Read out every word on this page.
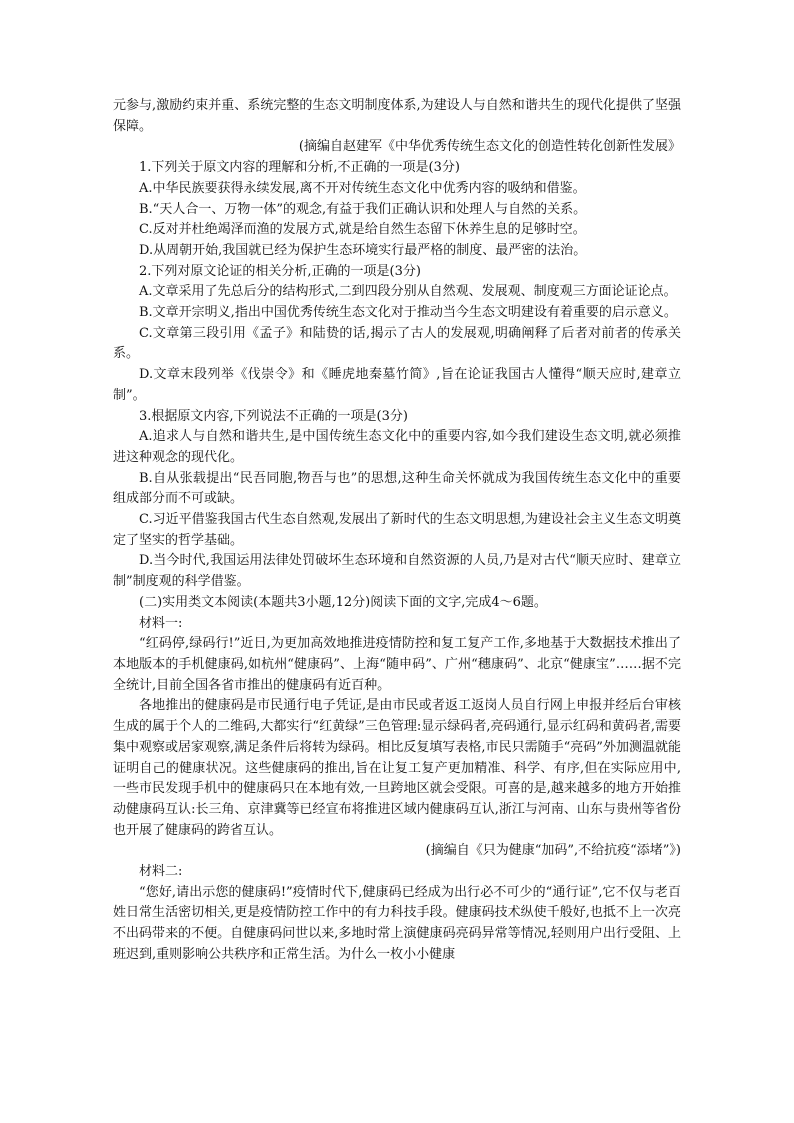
元参与,激励约束并重、系统完整的生态文明制度体系,为建设人与自然和谐共生的现代化提供了坚强保障。

(摘编自赵建军《中华优秀传统生态文化的创造性转化创新性发展》

1.下列关于原文内容的理解和分析,不正确的一项是(3分)

A.中华民族要获得永续发展,离不开对传统生态文化中优秀内容的吸纳和借鉴。

B.“天人合一、万物一体”的观念,有益于我们正确认识和处理人与自然的关系。

C.反对并杜绝竭泽而渔的发展方式,就是给自然生态留下休养生息的足够时空。

D.从周朝开始,我国就已经为保护生态环境实行最严格的制度、最严密的法治。

2.下列对原文论证的相关分析,正确的一项是(3分)

A.文章采用了先总后分的结构形式,二到四段分别从自然观、发展观、制度观三方面论证论点。

B.文章开宗明义,指出中国优秀传统生态文化对于推动当今生态文明建设有着重要的启示意义。

C.文章第三段引用《孟子》和陆贽的话,揭示了古人的发展观,明确阐释了后者对前者的传承关系。

D.文章末段列举《伐崇令》和《睡虎地秦墓竹简》,旨在论证我国古人懂得“顺天应时,建章立制”。

3.根据原文内容,下列说法不正确的一项是(3分)

A.追求人与自然和谐共生,是中国传统生态文化中的重要内容,如今我们建设生态文明,就必须推进这种观念的现代化。

B.自从张载提出“民吾同胞,物吾与也”的思想,这种生命关怀就成为我国传统生态文化中的重要组成部分而不可或缺。

C.习近平借鉴我国古代生态自然观,发展出了新时代的生态文明思想,为建设社会主义生态文明奠定了坚实的哲学基础。

D.当今时代,我国运用法律处罚破坏生态环境和自然资源的人员,乃是对古代“顺天应时、建章立制”制度观的科学借鉴。

(二)实用类文本阅读(本题共3小题,12分)阅读下面的文字,完成4～6题。

材料一:

“红码停,绿码行!”近日,为更加高效地推进疫情防控和复工复产工作,多地基于大数据技术推出了本地版本的手机健康码,如杭州“健康码”、上海“随申码”、广州“穗康码”、北京“健康宝”……据不完全统计,目前全国各省市推出的健康码有近百种。

各地推出的健康码是市民通行电子凭证,是由市民或者返工返岗人员自行网上申报并经后台审核生成的属于个人的二维码,大都实行“红黄绿”三色管理:显示绿码者,亮码通行,显示红码和黄码者,需要集中观察或居家观察,满足条件后将转为绿码。相比反复填写表格,市民只需随手“亮码”外加测温就能证明自己的健康状况。这些健康码的推出,旨在让复工复产更加精准、科学、有序,但在实际应用中,一些市民发现手机中的健康码只在本地有效,一旦跨地区就会受限。可喜的是,越来越多的地方开始推动健康码互认:长三角、京津冀等已经宣布将推进区域内健康码互认,浙江与河南、山东与贵州等省份也开展了健康码的跨省互认。

(摘编自《只为健康“加码”,不给抗疫“添堵”》)

材料二:

“您好,请出示您的健康码!”疫情时代下,健康码已经成为出行必不可少的“通行证”,它不仅与老百姓日常生活密切相关,更是疫情防控工作中的有力科技手段。健康码技术纵使千般好,也抵不上一次亮不出码带来的不便。自健康码问世以来,多地时常上演健康码亮码异常等情况,轻则用户出行受阻、上班迟到,重则影响公共秩序和正常生活。为什么一枚小小健康
